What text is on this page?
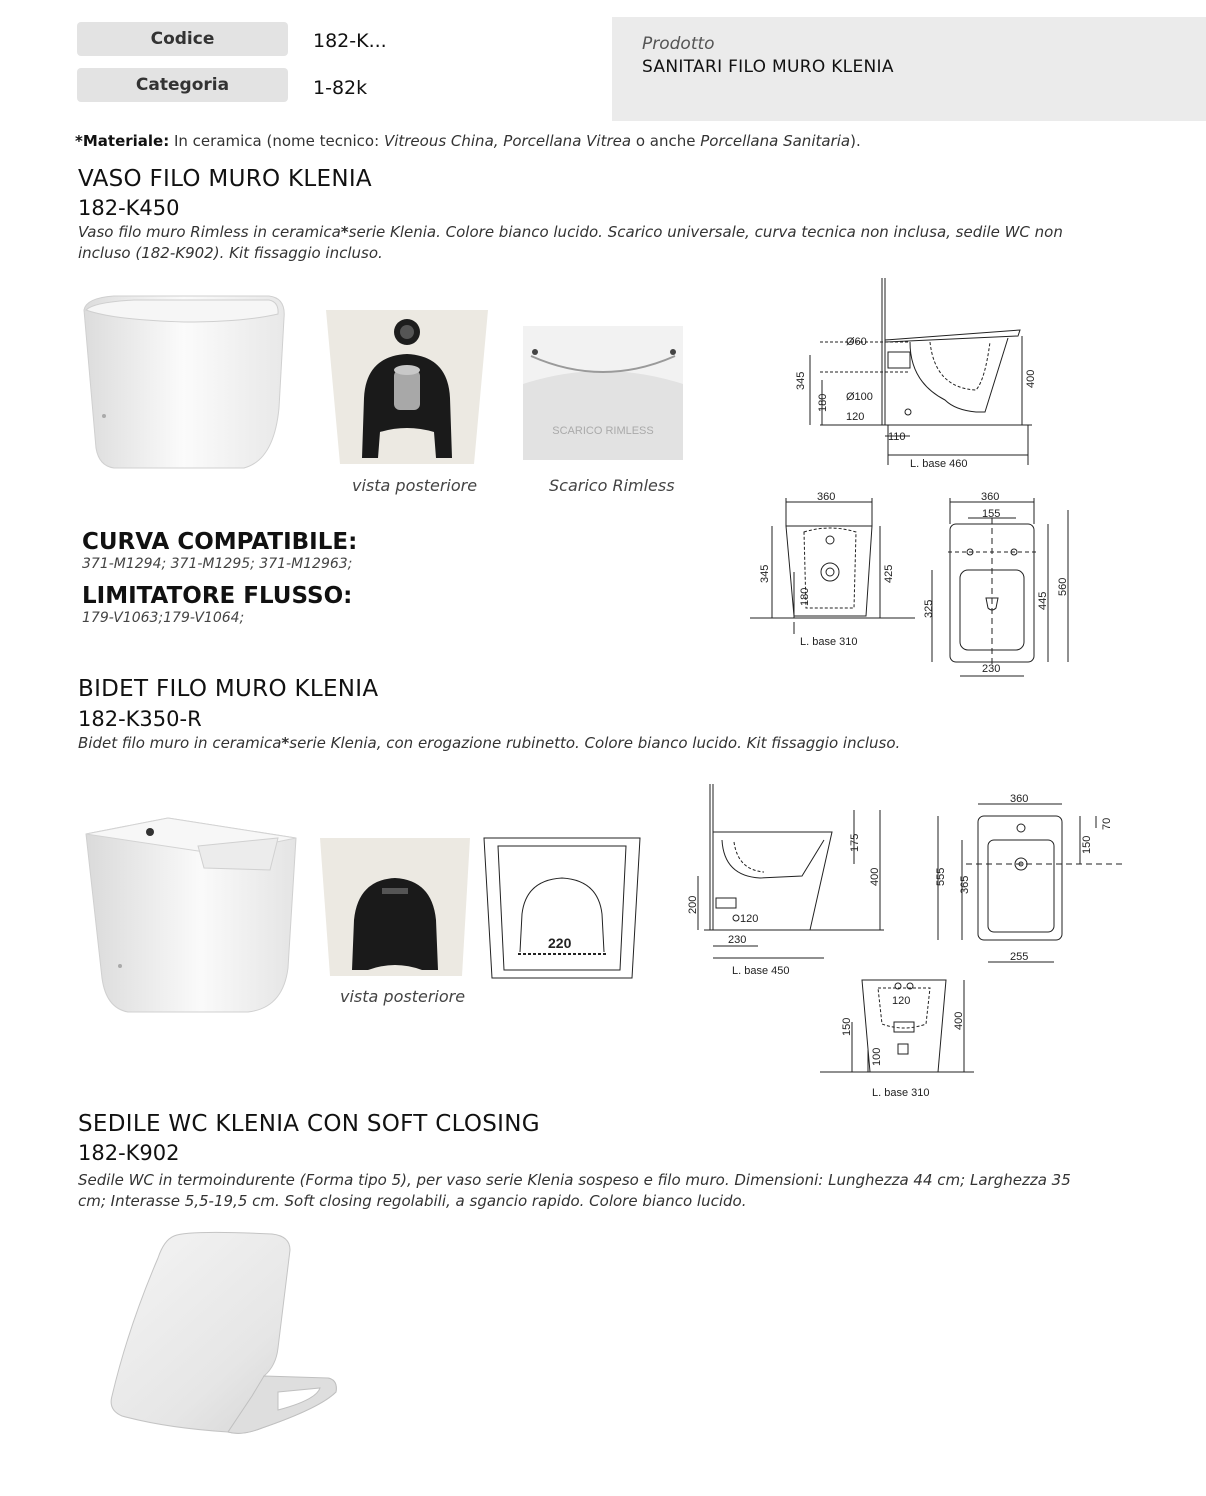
Codice	182-K...
Categoria	1-82k
Prodotto
SANITARI FILO MURO KLENIA
*Materiale: In ceramica (nome tecnico: Vitreous China, Porcellana Vitrea o anche Porcellana Sanitaria).
VASO FILO MURO KLENIA
182-K450
Vaso filo muro Rimless in ceramica*serie Klenia. Colore bianco lucido. Scarico universale, curva tecnica non inclusa, sedile WC non incluso (182-K902). Kit fissaggio incluso.
vista posteriore
SCARICO RIMLESS
Scarico Rimless
Ø60
Ø100
120
110
L. base 460
345
180
400
360
345	425
180
L. base 310
360
155
325	445
560
230
CURVA COMPATIBILE:
371-M1294; 371-M1295; 371-M12963;
LIMITATORE FLUSSO:
179-V1063;179-V1064;
BIDET FILO MURO KLENIA
182-K350-R
Bidet filo muro in ceramica*serie Klenia, con erogazione rubinetto. Colore bianco lucido. Kit fissaggio incluso.
vista posteriore
220
175
400
200
120
230
L. base 450
360
70
150
555 365
255
120
150
100
400
L. base 310
SEDILE WC KLENIA CON SOFT CLOSING
182-K902
Sedile WC in termoindurente (Forma tipo 5), per vaso serie Klenia sospeso e filo muro. Dimensioni: Lunghezza 44 cm; Larghezza 35 cm; Interasse 5,5-19,5 cm. Soft closing regolabili, a sgancio rapido. Colore bianco lucido.
